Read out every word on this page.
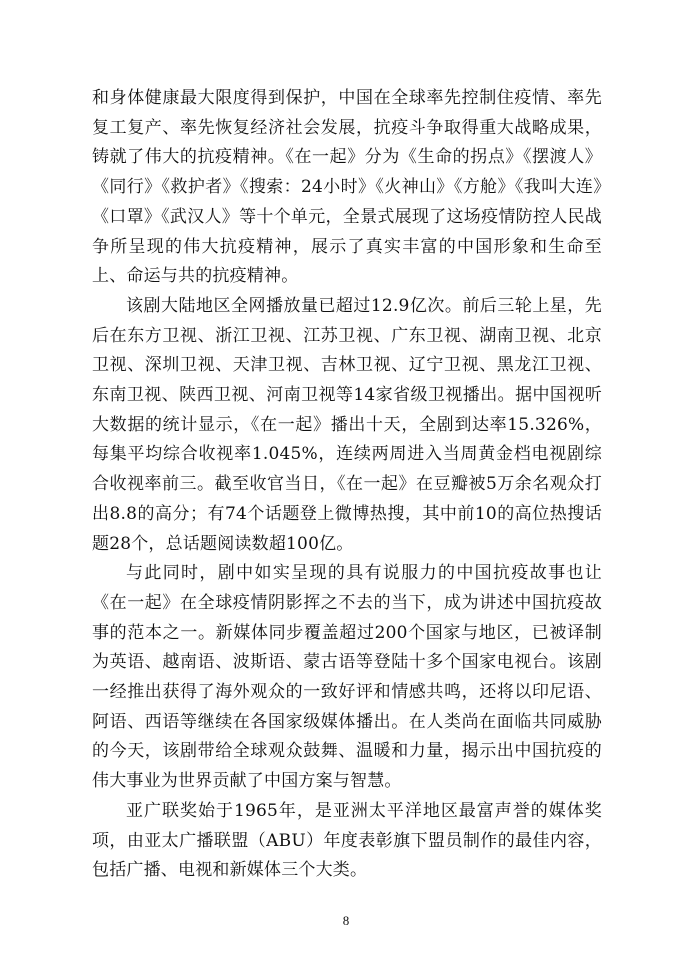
和身体健康最大限度得到保护，中国在全球率先控制住疫情、率先复工复产、率先恢复经济社会发展，抗疫斗争取得重大战略成果，铸就了伟大的抗疫精神。《在一起》分为《生命的拐点》《摆渡人》《同行》《救护者》《搜索：24小时》《火神山》《方舱》《我叫大连》《口罩》《武汉人》等十个单元，全景式展现了这场疫情防控人民战争所呈现的伟大抗疫精神，展示了真实丰富的中国形象和生命至上、命运与共的抗疫精神。

该剧大陆地区全网播放量已超过12.9亿次。前后三轮上星，先后在东方卫视、浙江卫视、江苏卫视、广东卫视、湖南卫视、北京卫视、深圳卫视、天津卫视、吉林卫视、辽宁卫视、黑龙江卫视、东南卫视、陕西卫视、河南卫视等14家省级卫视播出。据中国视听大数据的统计显示，《在一起》播出十天，全剧到达率15.326%，每集平均综合收视率1.045%，连续两周进入当周黄金档电视剧综合收视率前三。截至收官当日，《在一起》在豆瓣被5万余名观众打出8.8的高分；有74个话题登上微博热搜，其中前10的高位热搜话题28个，总话题阅读数超100亿。

与此同时，剧中如实呈现的具有说服力的中国抗疫故事也让《在一起》在全球疫情阴影挥之不去的当下，成为讲述中国抗疫故事的范本之一。新媒体同步覆盖超过200个国家与地区，已被译制为英语、越南语、波斯语、蒙古语等登陆十多个国家电视台。该剧一经推出获得了海外观众的一致好评和情感共鸣，还将以印尼语、阿语、西语等继续在各国家级媒体播出。在人类尚在面临共同威胁的今天，该剧带给全球观众鼓舞、温暖和力量，揭示出中国抗疫的伟大事业为世界贡献了中国方案与智慧。

亚广联奖始于1965年，是亚洲太平洋地区最富声誉的媒体奖项，由亚太广播联盟（ABU）年度表彰旗下盟员制作的最佳内容，包括广播、电视和新媒体三个大类。

8
